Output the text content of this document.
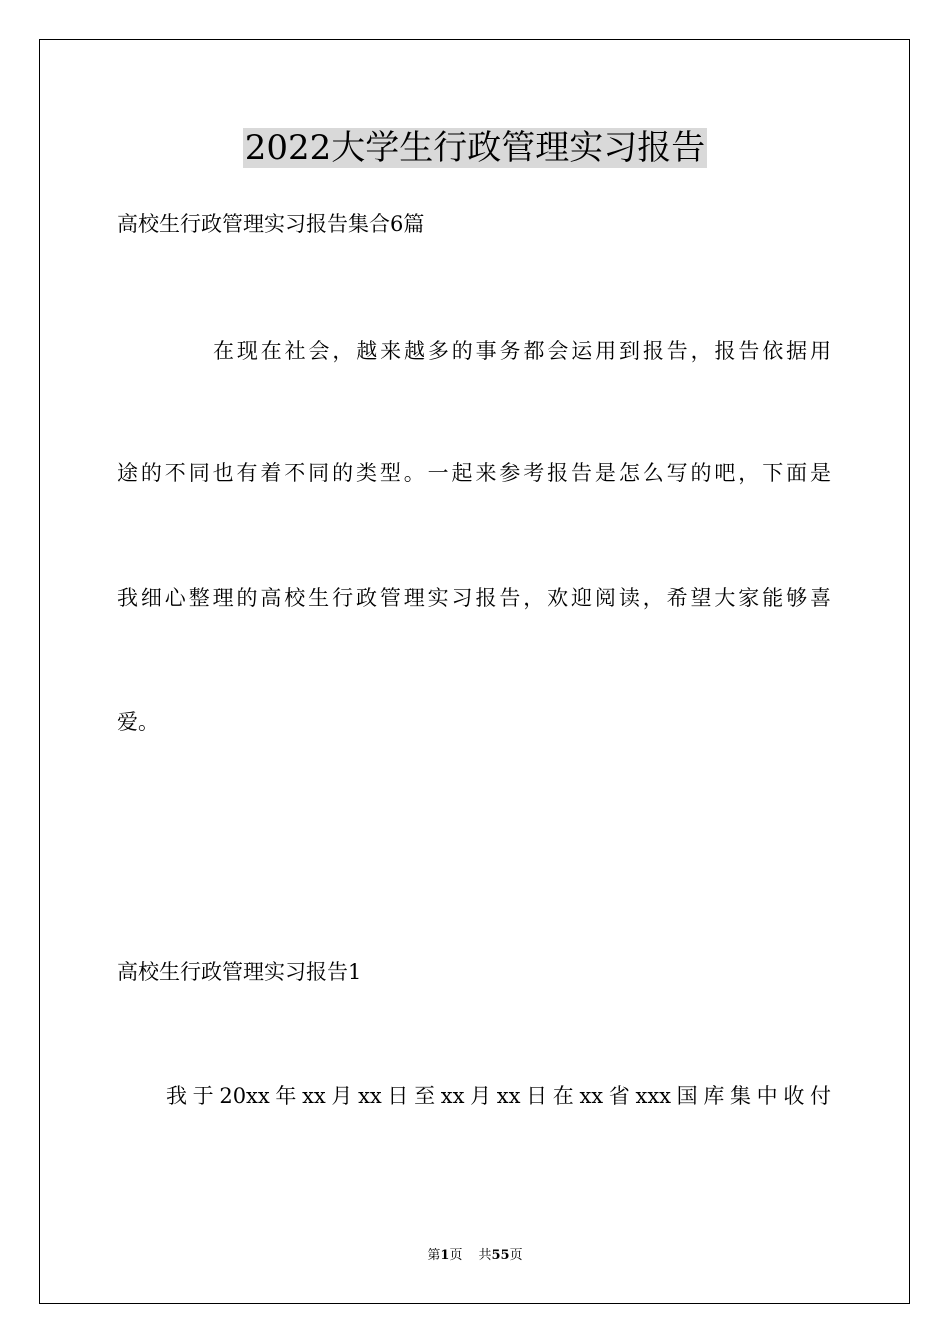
2022大学生行政管理实习报告

高校生行政管理实习报告集合6篇

在现在社会，越来越多的事务都会运用到报告，报告依据用

途的不同也有着不同的类型。一起来参考报告是怎么写的吧，下面是

我细心整理的高校生行政管理实习报告，欢迎阅读，希望大家能够喜

爱。

高校生行政管理实习报告1

我于20xx年xx月xx日至xx月xx日在xx省xxx国库集中收付

第1页 共55页
